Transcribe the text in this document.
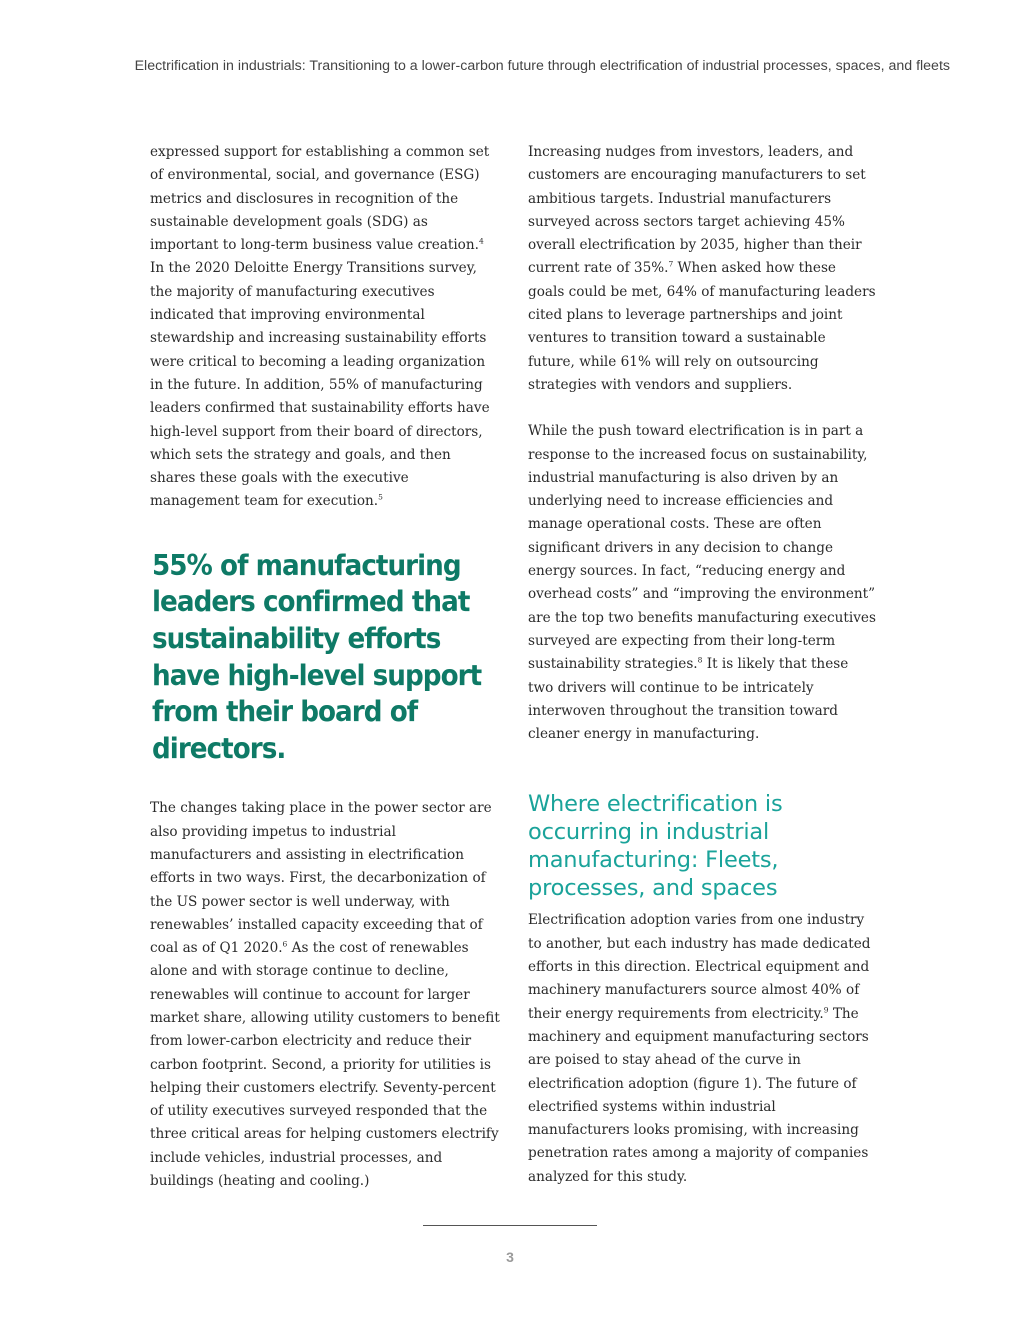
Electrification in industrials: Transitioning to a lower-carbon future through electrification of industrial processes, spaces, and fleets

expressed support for establishing a common set of environmental, social, and governance (ESG) metrics and disclosures in recognition of the sustainable development goals (SDG) as important to long-term business value creation.$^4$ In the 2020 Deloitte Energy Transitions survey, the majority of manufacturing executives indicated that improving environmental stewardship and increasing sustainability efforts were critical to becoming a leading organization in the future. In addition, 55% of manufacturing leaders confirmed that sustainability efforts have high-level support from their board of directors, which sets the strategy and goals, and then shares these goals with the executive management team for execution.$^5$

55% of manufacturing leaders confirmed that sustainability efforts have high-level support from their board of directors.

The changes taking place in the power sector are also providing impetus to industrial manufacturers and assisting in electrification efforts in two ways. First, the decarbonization of the US power sector is well underway, with renewables’ installed capacity exceeding that of coal as of Q1 2020.$^6$ As the cost of renewables alone and with storage continue to decline, renewables will continue to account for larger market share, allowing utility customers to benefit from lower-carbon electricity and reduce their carbon footprint. Second, a priority for utilities is helping their customers electrify. Seventy-percent of utility executives surveyed responded that the three critical areas for helping customers electrify include vehicles, industrial processes, and buildings (heating and cooling.)

Increasing nudges from investors, leaders, and customers are encouraging manufacturers to set ambitious targets. Industrial manufacturers surveyed across sectors target achieving 45% overall electrification by 2035, higher than their current rate of 35%.$^7$ When asked how these goals could be met, 64% of manufacturing leaders cited plans to leverage partnerships and joint ventures to transition toward a sustainable future, while 61% will rely on outsourcing strategies with vendors and suppliers.

While the push toward electrification is in part a response to the increased focus on sustainability, industrial manufacturing is also driven by an underlying need to increase efficiencies and manage operational costs. These are often significant drivers in any decision to change energy sources. In fact, “reducing energy and overhead costs” and “improving the environment” are the top two benefits manufacturing executives surveyed are expecting from their long-term sustainability strategies.$^8$ It is likely that these two drivers will continue to be intricately interwoven throughout the transition toward cleaner energy in manufacturing.

Where electrification is occurring in industrial manufacturing: Fleets, processes, and spaces

Electrification adoption varies from one industry to another, but each industry has made dedicated efforts in this direction. Electrical equipment and machinery manufacturers source almost 40% of their energy requirements from electricity.$^9$ The machinery and equipment manufacturing sectors are poised to stay ahead of the curve in electrification adoption (figure 1). The future of electrified systems within industrial manufacturers looks promising, with increasing penetration rates among a majority of companies analyzed for this study.

3
